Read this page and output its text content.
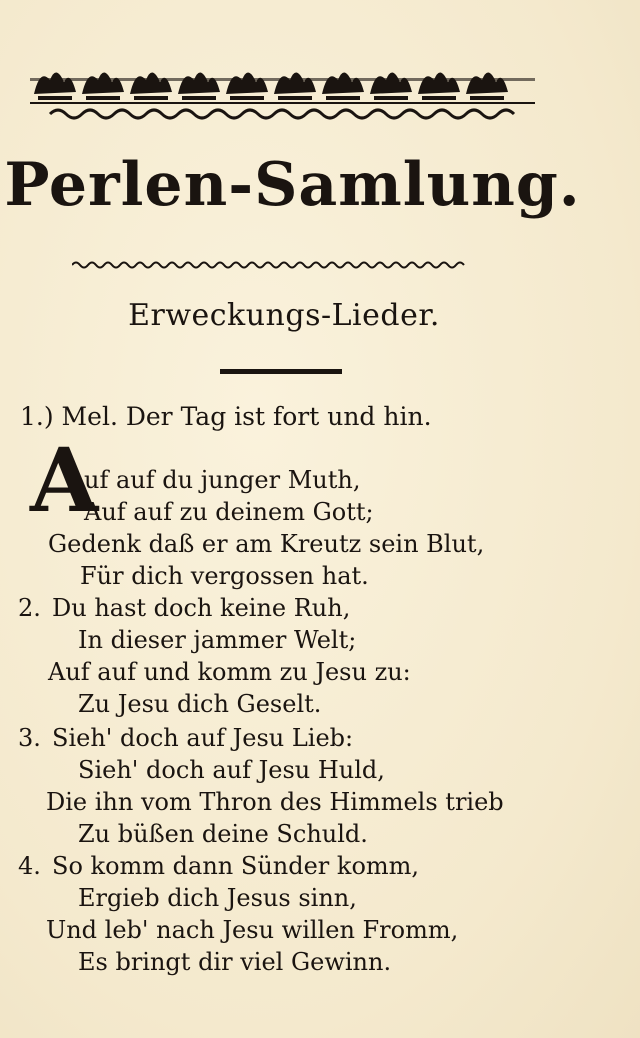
Perlen-Samlung.
Erweckungs-Lieder.
1.) Mel. Der Tag ist fort und hin.
A
uf auf du junger Muth,
Auf auf zu deinem Gott;
Gedenk daß er am Kreutz sein Blut,
Für dich vergossen hat.
2. Du hast doch keine Ruh,
In dieser jammer Welt;
Auf auf und komm zu Jesu zu:
Zu Jesu dich Geselt.
3. Sieh' doch auf Jesu Lieb:
Sieh' doch auf Jesu Huld,
Die ihn vom Thron des Himmels trieb
Zu büßen deine Schuld.
4. So komm dann Sünder komm,
Ergieb dich Jesus sinn,
Und leb' nach Jesu willen Fromm,
Es bringt dir viel Gewinn.
